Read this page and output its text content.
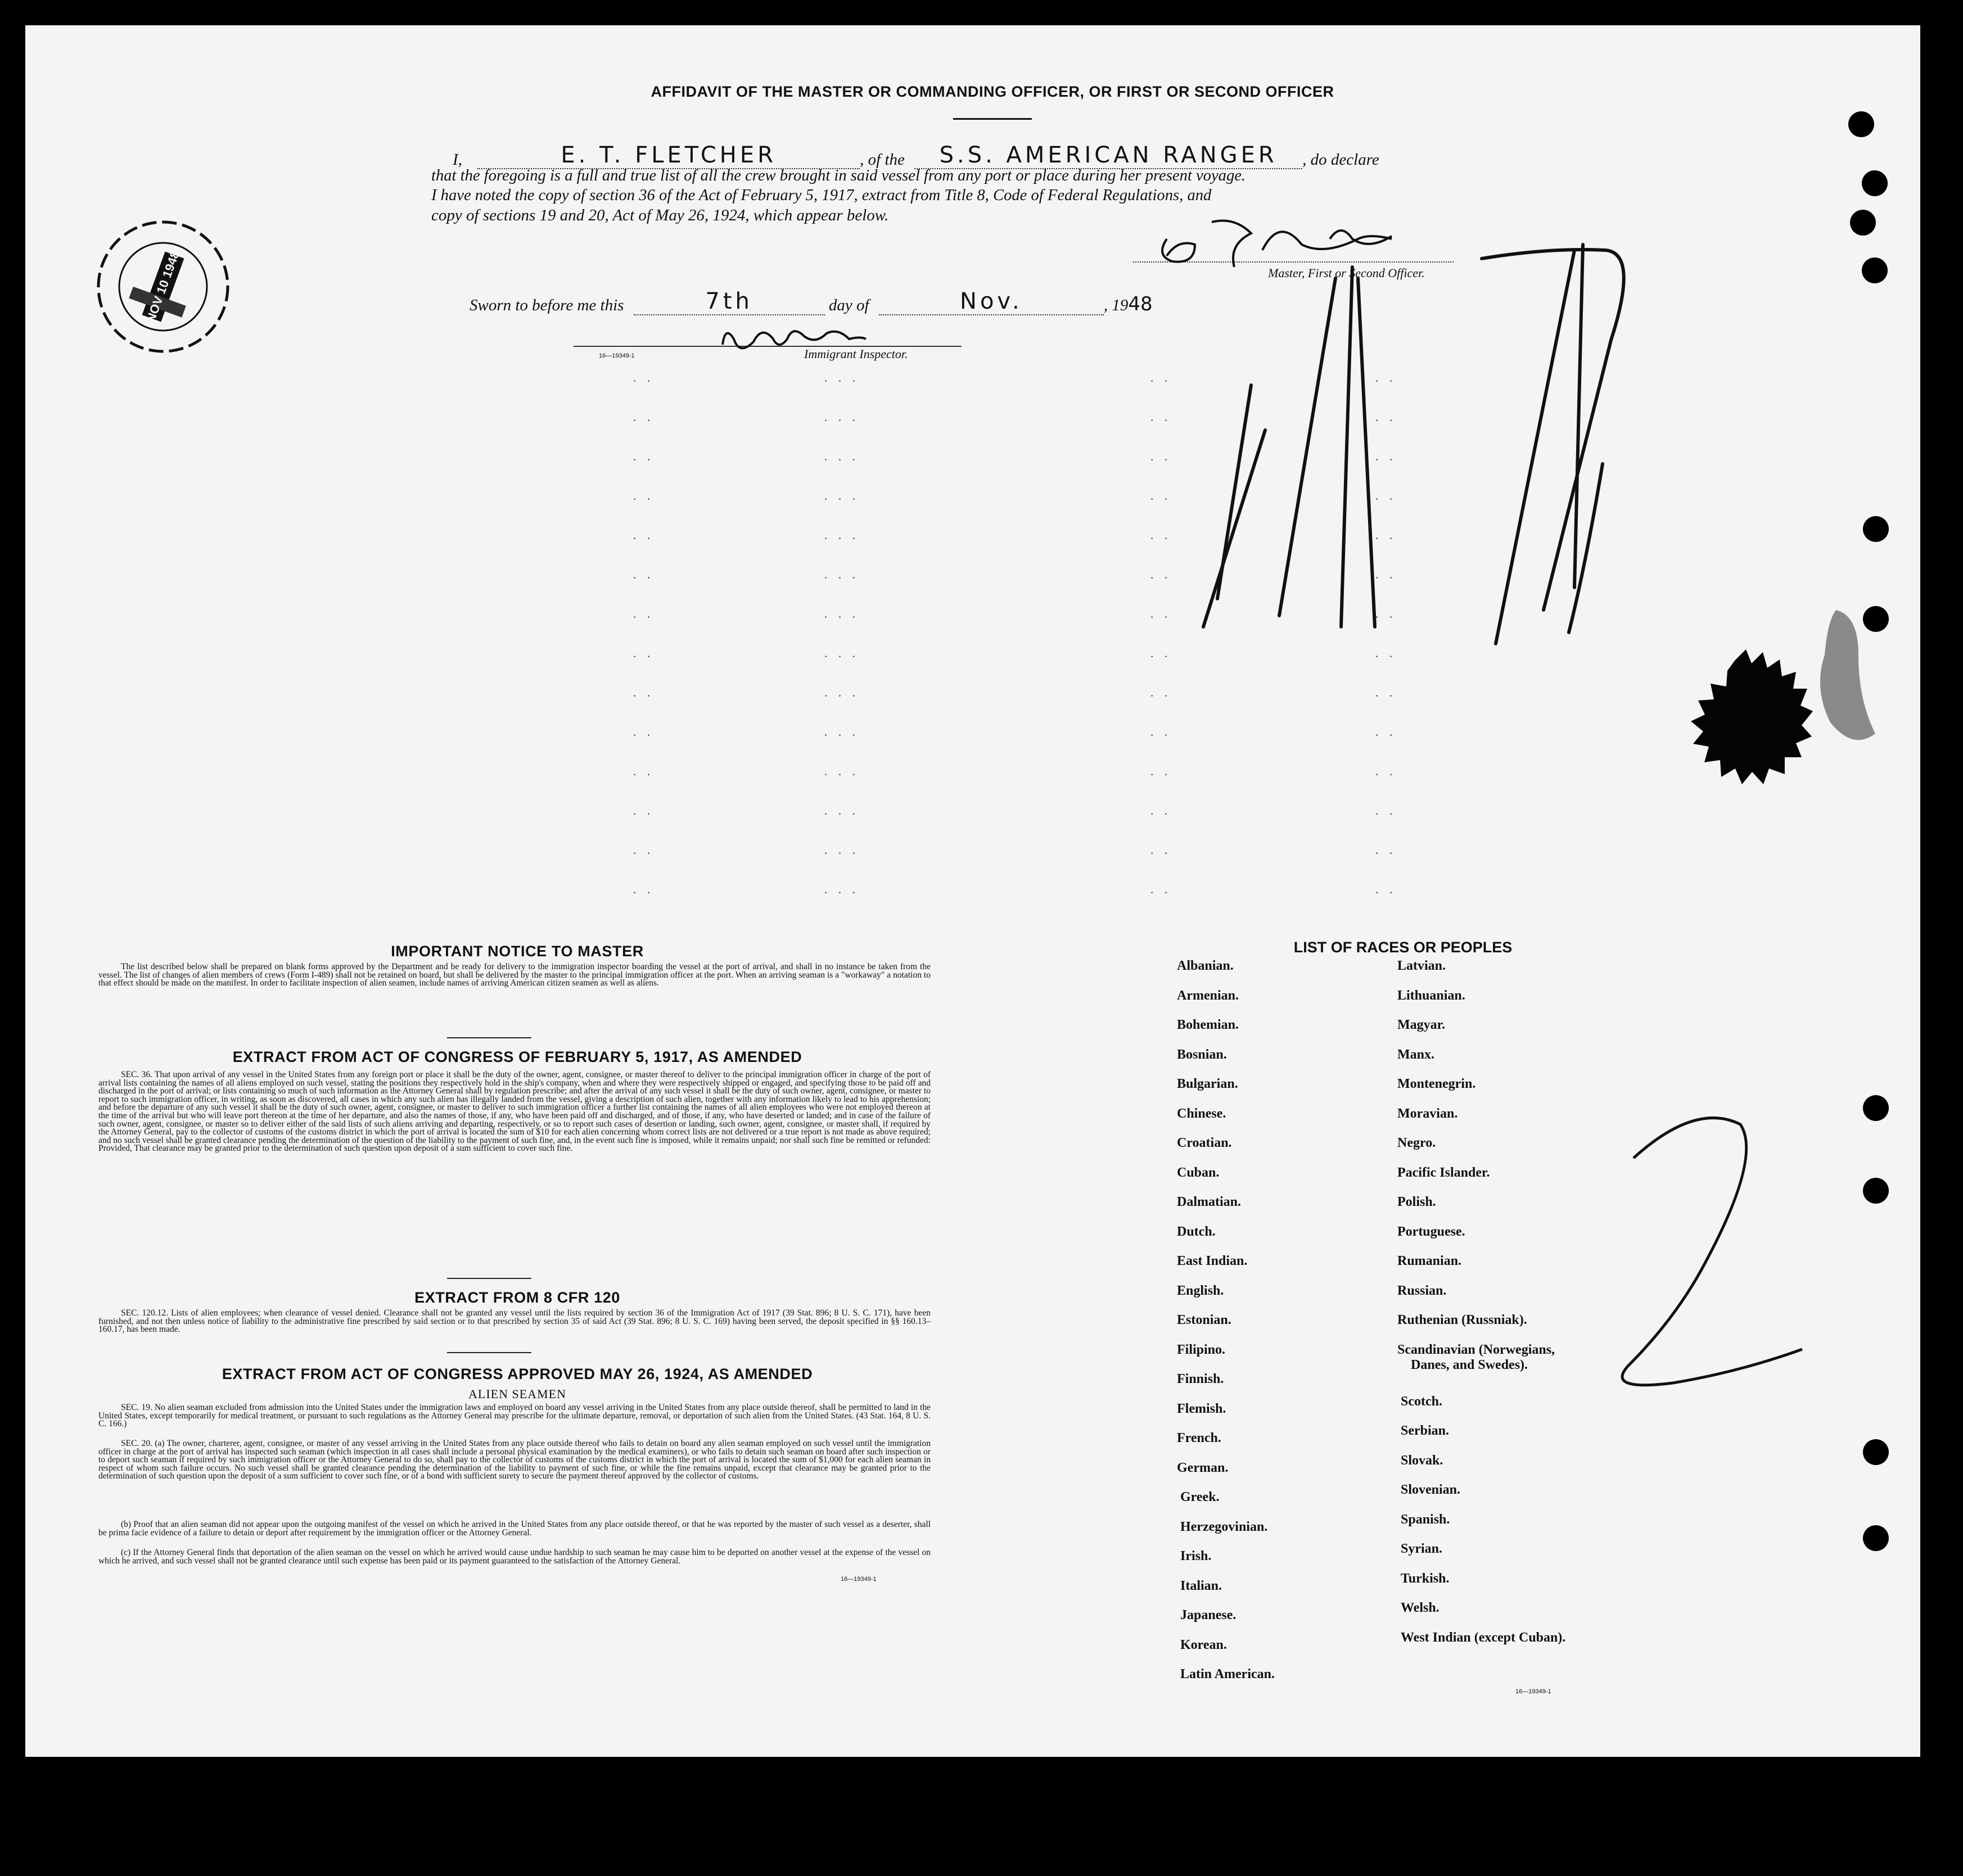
AFFIDAVIT OF THE MASTER OR COMMANDING OFFICER, OR FIRST OR SECOND OFFICER
I,	E. T. FLETCHER	, of the S.S. AMERICAN RANGER , do declare
that the foregoing is a full and true list of all the crew brought in said vessel from any port or place during her present voyage.
I have noted the copy of section 36 of the Act of February 5, 1917, extract from Title 8, Code of Federal Regulations, and
copy of sections 19 and 20, Act of May 26, 1924, which appear below.
Master, First or Second Officer.
Sworn to before me this	7th	day of	Nov.	, 1948
Immigrant Inspector.
16—19349-1
· ·	· · ·	· ·	· ·
· ·	· · ·	· ·	· ·
· ·	· · ·	· ·	· ·
· ·	· · ·	· ·	· ·
· ·	· · ·	· ·	· ·
· ·	· · ·	· ·	· ·
· ·	· · ·	· ·	· ·
· ·	· · ·	· ·	· ·
· ·	· · ·	· ·	· ·
· ·	· · ·	· ·	· ·
· ·	· · ·	· ·	· ·
· ·	· · ·	· ·	· ·
· ·	· · ·	· ·	· ·
· ·	· · ·	· ·	· ·
IMPORTANT NOTICE TO MASTER
The list described below shall be prepared on blank forms approved by the Department and be ready for delivery to the immigration inspector boarding the vessel at the port of arrival, and shall in no instance be taken from the vessel. The list of changes of alien members of crews (Form I-489) shall not be retained on board, but shall be delivered by the master to the principal immigration officer at the port. When an arriving seaman is a "workaway" a notation to that effect should be made on the manifest. In order to facilitate inspection of alien seamen, include names of arriving American citizen seamen as well as aliens.
EXTRACT FROM ACT OF CONGRESS OF FEBRUARY 5, 1917, AS AMENDED
SEC. 36. That upon arrival of any vessel in the United States from any foreign port or place it shall be the duty of the owner, agent, consignee, or master thereof to deliver to the principal immigration officer in charge of the port of arrival lists containing the names of all aliens employed on such vessel, stating the positions they respectively hold in the ship's company, when and where they were respectively shipped or engaged, and specifying those to be paid off and discharged in the port of arrival; or lists containing so much of such information as the Attorney General shall by regulation prescribe; and after the arrival of any such vessel it shall be the duty of such owner, agent, consignee, or master to report to such immigration officer, in writing, as soon as discovered, all cases in which any such alien has illegally landed from the vessel, giving a description of such alien, together with any information likely to lead to his apprehension; and before the departure of any such vessel it shall be the duty of such owner, agent, consignee, or master to deliver to such immigration officer a further list containing the names of all alien employees who were not employed thereon at the time of the arrival but who will leave port thereon at the time of her departure, and also the names of those, if any, who have been paid off and discharged, and of those, if any, who have deserted or landed; and in case of the failure of such owner, agent, consignee, or master so to deliver either of the said lists of such aliens arriving and departing, respectively, or so to report such cases of desertion or landing, such owner, agent, consignee, or master shall, if required by the Attorney General, pay to the collector of customs of the customs district in which the port of arrival is located the sum of $10 for each alien concerning whom correct lists are not delivered or a true report is not made as above required; and no such vessel shall be granted clearance pending the determination of the question of the liability to the payment of such fine, and, in the event such fine is imposed, while it remains unpaid; nor shall such fine be remitted or refunded: Provided, That clearance may be granted prior to the determination of such question upon deposit of a sum sufficient to cover such fine.
EXTRACT FROM 8 CFR 120
SEC. 120.12. Lists of alien employees; when clearance of vessel denied. Clearance shall not be granted any vessel until the lists required by section 36 of the Immigration Act of 1917 (39 Stat. 896; 8 U. S. C. 171), have been furnished, and not then unless notice of liability to the administrative fine prescribed by said section or to that prescribed by section 35 of said Act (39 Stat. 896; 8 U. S. C. 169) having been served, the deposit specified in §§ 160.13–160.17, has been made.
EXTRACT FROM ACT OF CONGRESS APPROVED MAY 26, 1924, AS AMENDED
ALIEN SEAMEN
SEC. 19. No alien seaman excluded from admission into the United States under the immigration laws and employed on board any vessel arriving in the United States from any place outside thereof, shall be permitted to land in the United States, except temporarily for medical treatment, or pursuant to such regulations as the Attorney General may prescribe for the ultimate departure, removal, or deportation of such alien from the United States. (43 Stat. 164, 8 U. S. C. 166.)
SEC. 20. (a) The owner, charterer, agent, consignee, or master of any vessel arriving in the United States from any place outside thereof who fails to detain on board any alien seaman employed on such vessel until the immigration officer in charge at the port of arrival has inspected such seaman (which inspection in all cases shall include a personal physical examination by the medical examiners), or who fails to detain such seaman on board after such inspection or to deport such seaman if required by such immigration officer or the Attorney General to do so, shall pay to the collector of customs of the customs district in which the port of arrival is located the sum of $1,000 for each alien seaman in respect of whom such failure occurs. No such vessel shall be granted clearance pending the determination of the liability to payment of such fine, or while the fine remains unpaid, except that clearance may be granted prior to the determination of such question upon the deposit of a sum sufficient to cover such fine, or of a bond with sufficient surety to secure the payment thereof approved by the collector of customs.
(b) Proof that an alien seaman did not appear upon the outgoing manifest of the vessel on which he arrived in the United States from any place outside thereof, or that he was reported by the master of such vessel as a deserter, shall be prima facie evidence of a failure to detain or deport after requirement by the immigration officer or the Attorney General.
(c) If the Attorney General finds that deportation of the alien seaman on the vessel on which he arrived would cause undue hardship to such seaman he may cause him to be deported on another vessel at the expense of the vessel on which he arrived, and such vessel shall not be granted clearance until such expense has been paid or its payment guaranteed to the satisfaction of the Attorney General.
16—19349-1
LIST OF RACES OR PEOPLES
Albanian.
Armenian.
Bohemian.
Bosnian.
Bulgarian.
Chinese.
Croatian.
Cuban.
Dalmatian.
Dutch.
East Indian.
English.
Estonian.
Filipino.
Finnish.
Flemish.
French.
German.
Greek.
Herzegovinian.
Irish.
Italian.
Japanese.
Korean.
Latin American.
Latvian.
Lithuanian.
Magyar.
Manx.
Montenegrin.
Moravian.
Negro.
Pacific Islander.
Polish.
Portuguese.
Rumanian.
Russian.
Ruthenian (Russniak).
Scandinavian (Norwegians,
Danes, and Swedes).
Scotch.
Serbian.
Slovak.
Slovenian.
Spanish.
Syrian.
Turkish.
Welsh.
West Indian (except Cuban).
16—19349-1
NOV 10 1948
